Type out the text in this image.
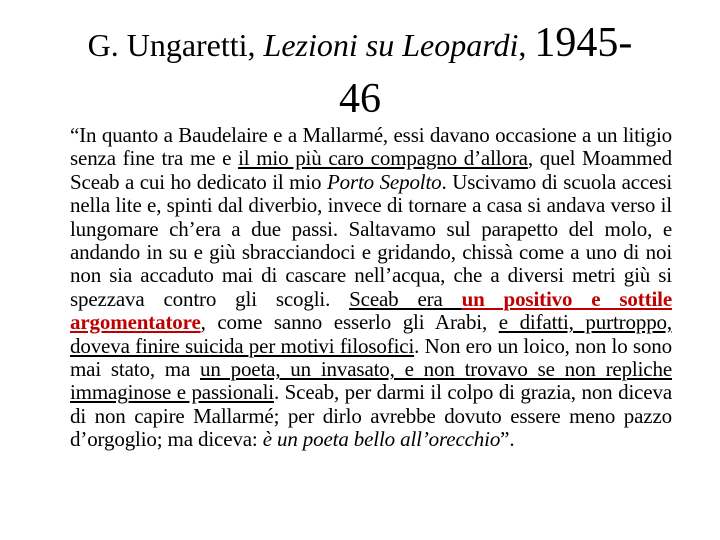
G. Ungaretti, Lezioni su Leopardi, 1945-
46
“In quanto a Baudelaire e a Mallarmé, essi davano occasione a un litigio senza fine tra me e il mio più caro compagno d’allora, quel Moammed Sceab a cui ho dedicato il mio Porto Sepolto. Uscivamo di scuola accesi nella lite e, spinti dal diverbio, invece di tornare a casa si andava verso il lungomare ch’era a due passi. Saltavamo sul parapetto del molo, e andando in su e giù sbracciandoci e gridando, chissà come a uno di noi non sia accaduto mai di cascare nell’acqua, che a diversi metri giù si spezzava contro gli scogli. Sceab era un positivo e sottile argomentatore, come sanno esserlo gli Arabi, e difatti, purtroppo, doveva finire suicida per motivi filosofici. Non ero un loico, non lo sono mai stato, ma un poeta, un invasato, e non trovavo se non repliche immaginose e passionali. Sceab, per darmi il colpo di grazia, non diceva di non capire Mallarmé; per dirlo avrebbe dovuto essere meno pazzo d’orgoglio; ma diceva: è un poeta bello all’orecchio”.
